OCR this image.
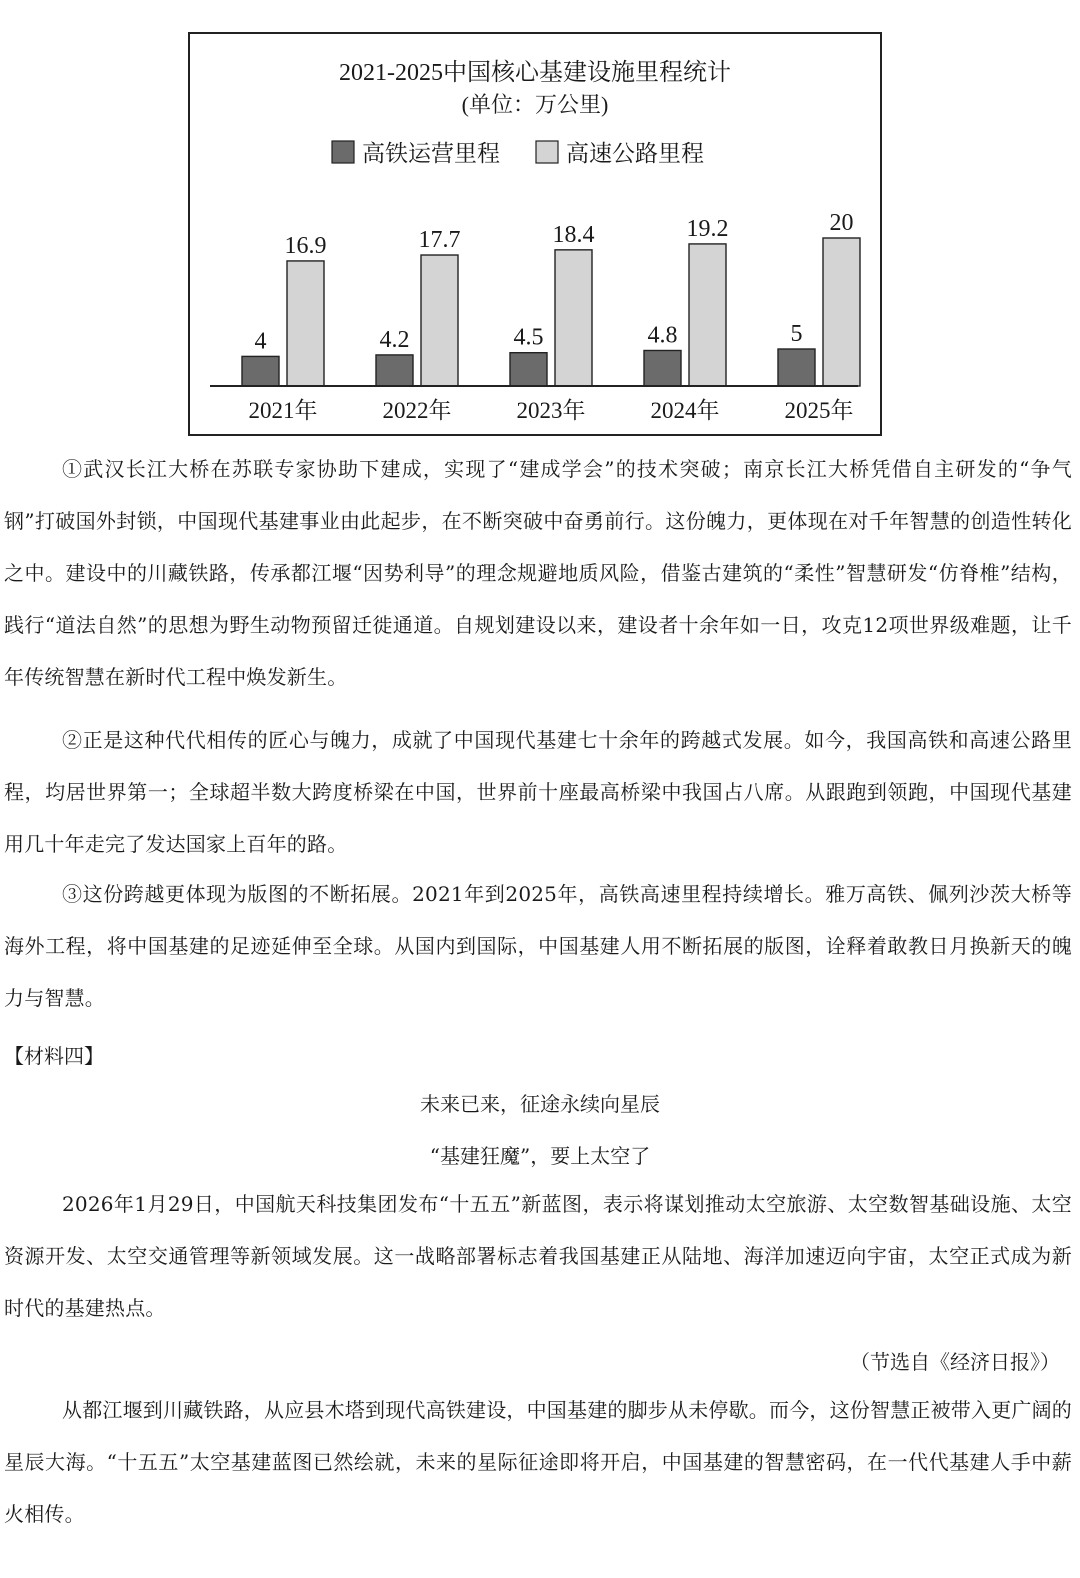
2021-2025中国核心基建设施里程统计
(单位：万公里)
高铁运营里程	高速公路里程
4
16.9
2021年
4.2
17.7
2022年
4.5
18.4
2023年
4.8
19.2
2024年
5
20
2025年

①武汉长江大桥在苏联专家协助下建成，实现了“建成学会”的技术突破；南京长江大桥凭借自主研发的“争气钢”打破国外封锁，中国现代基建事业由此起步，在不断突破中奋勇前行。这份魄力，更体现在对千年智慧的创造性转化之中。建设中的川藏铁路，传承都江堰“因势利导”的理念规避地质风险，借鉴古建筑的“柔性”智慧研发“仿脊椎”结构，践行“道法自然”的思想为野生动物预留迁徙通道。自规划建设以来，建设者十余年如一日，攻克12项世界级难题，让千年传统智慧在新时代工程中焕发新生。

②正是这种代代相传的匠心与魄力，成就了中国现代基建七十余年的跨越式发展。如今，我国高铁和高速公路里程，均居世界第一；全球超半数大跨度桥梁在中国，世界前十座最高桥梁中我国占八席。从跟跑到领跑，中国现代基建用几十年走完了发达国家上百年的路。

③这份跨越更体现为版图的不断拓展。2021年到2025年，高铁高速里程持续增长。雅万高铁、佩列沙茨大桥等海外工程，将中国基建的足迹延伸至全球。从国内到国际，中国基建人用不断拓展的版图，诠释着敢教日月换新天的魄力与智慧。

【材料四】

未来已来，征途永续向星辰

“基建狂魔”，要上太空了

2026年1月29日，中国航天科技集团发布“十五五”新蓝图，表示将谋划推动太空旅游、太空数智基础设施、太空资源开发、太空交通管理等新领域发展。这一战略部署标志着我国基建正从陆地、海洋加速迈向宇宙，太空正式成为新时代的基建热点。

（节选自《经济日报》）

从都江堰到川藏铁路，从应县木塔到现代高铁建设，中国基建的脚步从未停歇。而今，这份智慧正被带入更广阔的星辰大海。“十五五”太空基建蓝图已然绘就，未来的星际征途即将开启，中国基建的智慧密码，在一代代基建人手中薪火相传。
